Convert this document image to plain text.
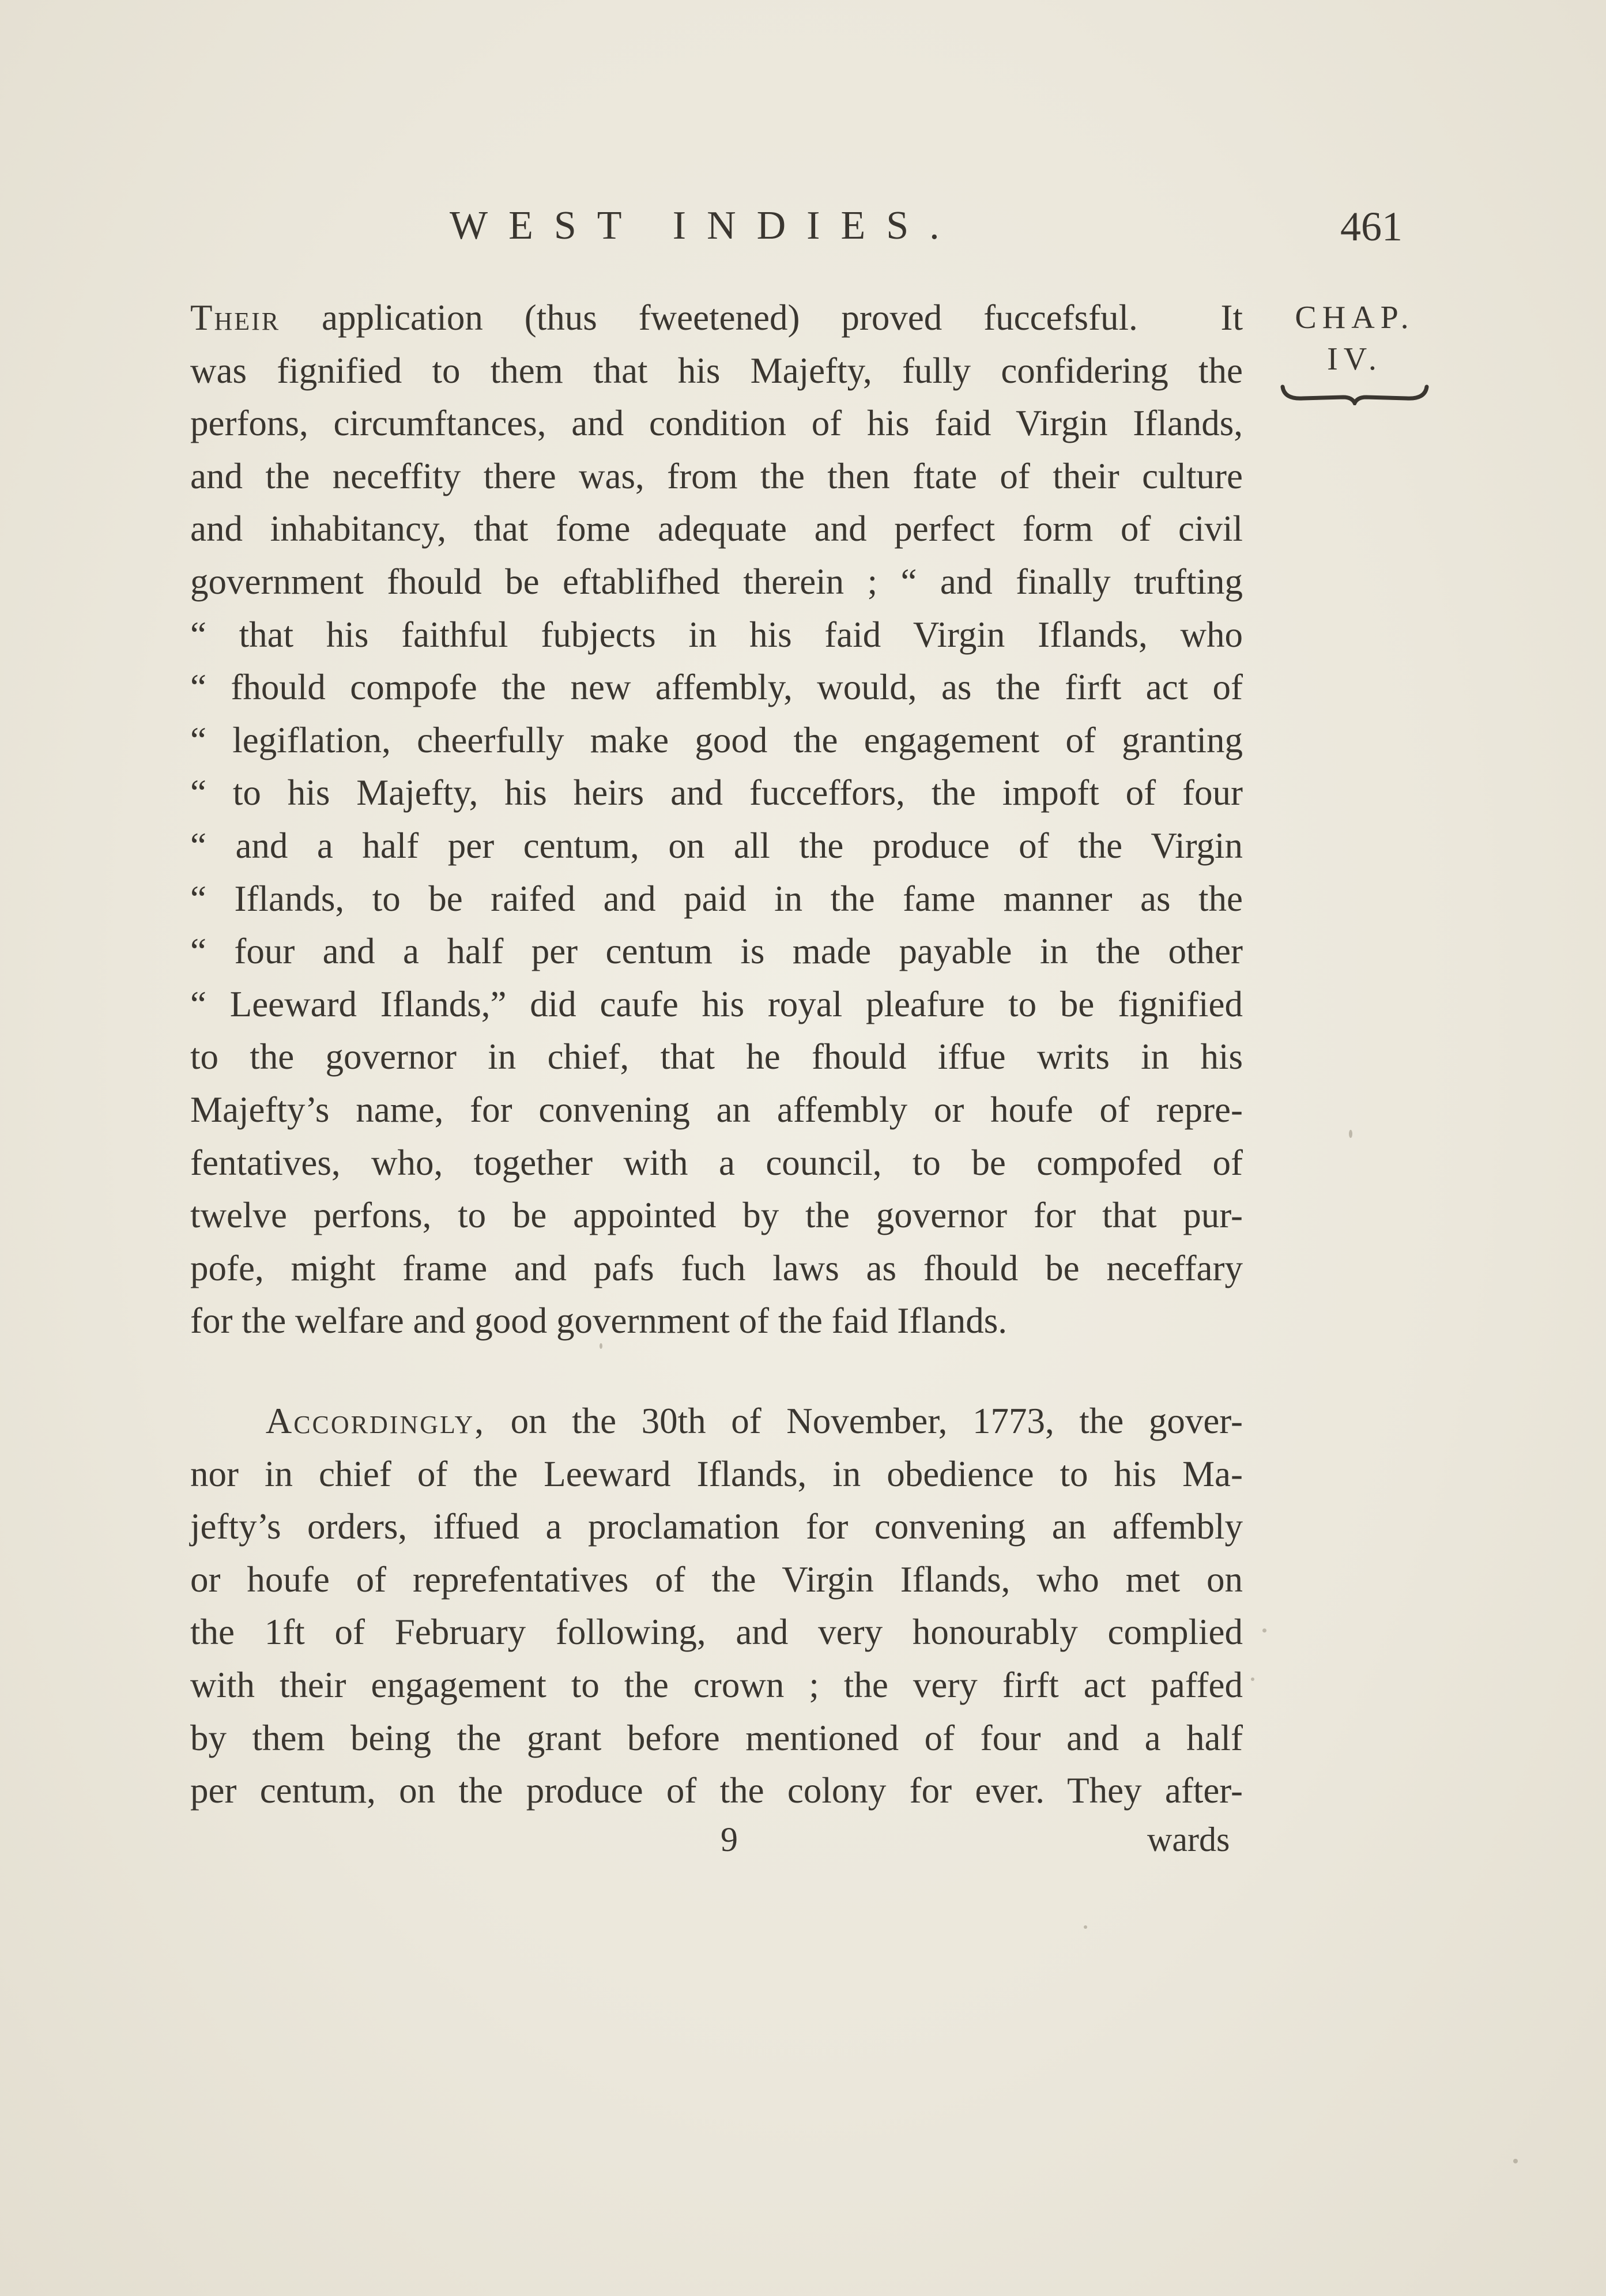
WEST INDIES.	461
CHAP.
IV.
Their application (thus fweetened) proved fuccefsful.  It
was fignified to them that his Majefty, fully confidering the
perfons, circumftances, and condition of his faid Virgin Iflands,
and the neceffity there was, from the then ftate of their culture
and inhabitancy, that fome adequate and perfect form of civil
government fhould be eftablifhed therein ; “ and finally trufting
“ that his faithful fubjects in his faid Virgin Iflands, who
“ fhould compofe the new affembly, would, as the firft act of
“ legiflation, cheerfully make good the engagement of granting
“ to his Majefty, his heirs and fucceffors, the impoft of four
“ and a half per centum, on all the produce of the Virgin
“ Iflands, to be raifed and paid in the fame manner as the
“ four and a half per centum is made payable in the other
“ Leeward Iflands,” did caufe his royal pleafure to be fignified
to the governor in chief, that he fhould iffue writs in his
Majefty’s name, for convening an affembly or houfe of repre-
fentatives, who, together with a council, to be compofed of
twelve perfons, to be appointed by the governor for that pur-
pofe, might frame and pafs fuch laws as fhould be neceffary
for the welfare and good government of the faid Iflands.
Accordingly, on the 30th of November, 1773, the gover-
nor in chief of the Leeward Iflands, in obedience to his Ma-
jefty’s orders, iffued a proclamation for convening an affembly
or houfe of reprefentatives of the Virgin Iflands, who met on
the 1ft of February following, and very honourably complied
with their engagement to the crown ; the very firft act paffed
by them being the grant before mentioned of four and a half
per centum, on the produce of the colony for ever. They after-
9	wards
